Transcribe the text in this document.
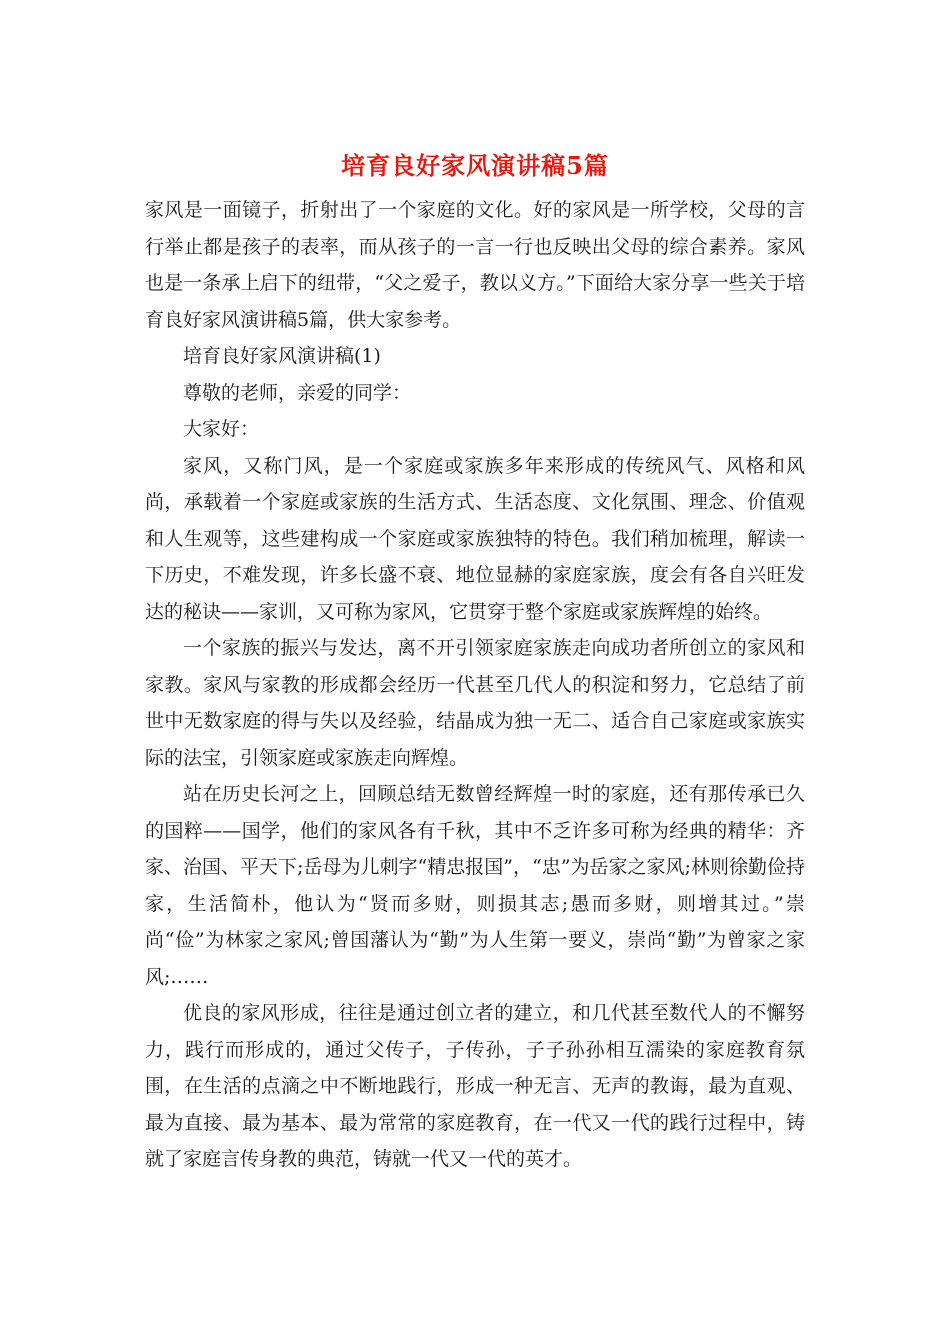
培育良好家风演讲稿5篇

家风是一面镜子，折射出了一个家庭的文化。好的家风是一所学校，父母的言行举止都是孩子的表率，而从孩子的一言一行也反映出父母的综合素养。家风也是一条承上启下的纽带，“父之爱子，教以义方。”下面给大家分享一些关于培育良好家风演讲稿5篇，供大家参考。

培育良好家风演讲稿(1)

尊敬的老师，亲爱的同学：

大家好：

家风，又称门风，是一个家庭或家族多年来形成的传统风气、风格和风尚，承载着一个家庭或家族的生活方式、生活态度、文化氛围、理念、价值观和人生观等，这些建构成一个家庭或家族独特的特色。我们稍加梳理，解读一下历史，不难发现，许多长盛不衰、地位显赫的家庭家族，度会有各自兴旺发达的秘诀——家训，又可称为家风，它贯穿于整个家庭或家族辉煌的始终。

一个家族的振兴与发达，离不开引领家庭家族走向成功者所创立的家风和家教。家风与家教的形成都会经历一代甚至几代人的积淀和努力，它总结了前世中无数家庭的得与失以及经验，结晶成为独一无二、适合自己家庭或家族实际的法宝，引领家庭或家族走向辉煌。

站在历史长河之上，回顾总结无数曾经辉煌一时的家庭，还有那传承已久的国粹——国学，他们的家风各有千秋，其中不乏许多可称为经典的精华：齐家、治国、平天下;岳母为儿刺字“精忠报国”，“忠”为岳家之家风;林则徐勤俭持家，生活简朴，他认为“贤而多财，则损其志;愚而多财，则增其过。”崇尚“俭”为林家之家风;曾国藩认为“勤”为人生第一要义，崇尚“勤”为曾家之家风;……

优良的家风形成，往往是通过创立者的建立，和几代甚至数代人的不懈努力，践行而形成的，通过父传子，子传孙，子子孙孙相互濡染的家庭教育氛围，在生活的点滴之中不断地践行，形成一种无言、无声的教诲，最为直观、最为直接、最为基本、最为常常的家庭教育，在一代又一代的践行过程中，铸就了家庭言传身教的典范，铸就一代又一代的英才。
